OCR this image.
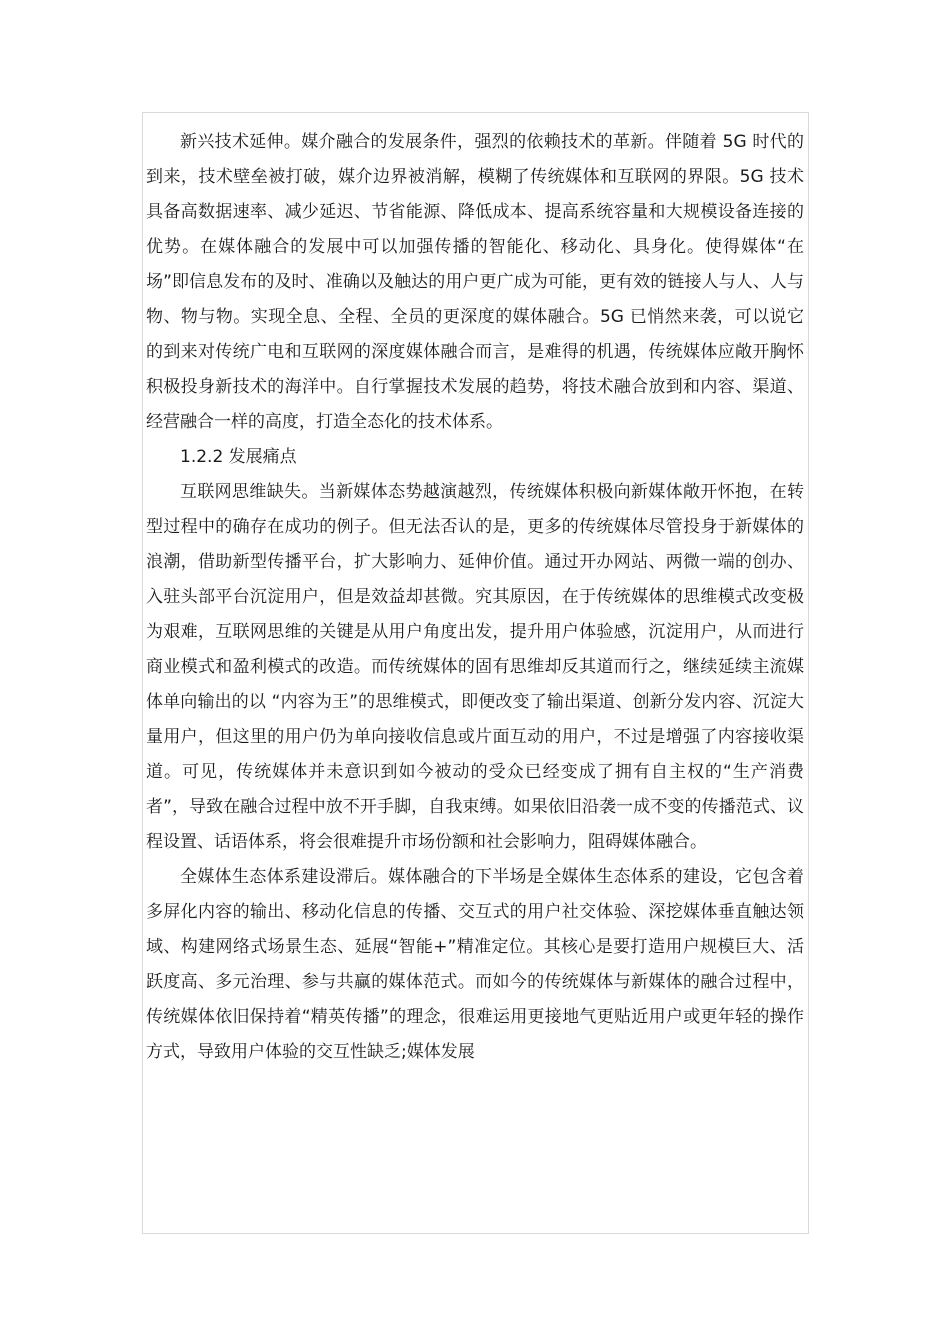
新兴技术延伸。媒介融合的发展条件，强烈的依赖技术的革新。伴随着 5G 时代的到来，技术壁垒被打破，媒介边界被消解，模糊了传统媒体和互联网的界限。5G 技术具备高数据速率、减少延迟、节省能源、降低成本、提高系统容量和大规模设备连接的优势。在媒体融合的发展中可以加强传播的智能化、移动化、具身化。使得媒体“在场”即信息发布的及时、准确以及触达的用户更广成为可能，更有效的链接人与人、人与物、物与物。实现全息、全程、全员的更深度的媒体融合。5G 已悄然来袭，可以说它的到来对传统广电和互联网的深度媒体融合而言，是难得的机遇，传统媒体应敞开胸怀积极投身新技术的海洋中。自行掌握技术发展的趋势，将技术融合放到和内容、渠道、经营融合一样的高度，打造全态化的技术体系。

1.2.2 发展痛点

互联网思维缺失。当新媒体态势越演越烈，传统媒体积极向新媒体敞开怀抱，在转型过程中的确存在成功的例子。但无法否认的是，更多的传统媒体尽管投身于新媒体的浪潮，借助新型传播平台，扩大影响力、延伸价值。通过开办网站、两微一端的创办、入驻头部平台沉淀用户，但是效益却甚微。究其原因，在于传统媒体的思维模式改变极为艰难，互联网思维的关键是从用户角度出发，提升用户体验感，沉淀用户，从而进行商业模式和盈利模式的改造。而传统媒体的固有思维却反其道而行之，继续延续主流媒体单向输出的以 “内容为王”的思维模式，即便改变了输出渠道、创新分发内容、沉淀大量用户，但这里的用户仍为单向接收信息或片面互动的用户，不过是增强了内容接收渠道。可见，传统媒体并未意识到如今被动的受众已经变成了拥有自主权的“生产消费者”，导致在融合过程中放不开手脚，自我束缚。如果依旧沿袭一成不变的传播范式、议程设置、话语体系，将会很难提升市场份额和社会影响力，阻碍媒体融合。

全媒体生态体系建设滞后。媒体融合的下半场是全媒体生态体系的建设，它包含着多屏化内容的输出、移动化信息的传播、交互式的用户社交体验、深挖媒体垂直触达领域、构建网络式场景生态、延展“智能+”精准定位。其核心是要打造用户规模巨大、活跃度高、多元治理、参与共赢的媒体范式。而如今的传统媒体与新媒体的融合过程中，传统媒体依旧保持着“精英传播”的理念，很难运用更接地气更贴近用户或更年轻的操作方式，导致用户体验的交互性缺乏;媒体发展
